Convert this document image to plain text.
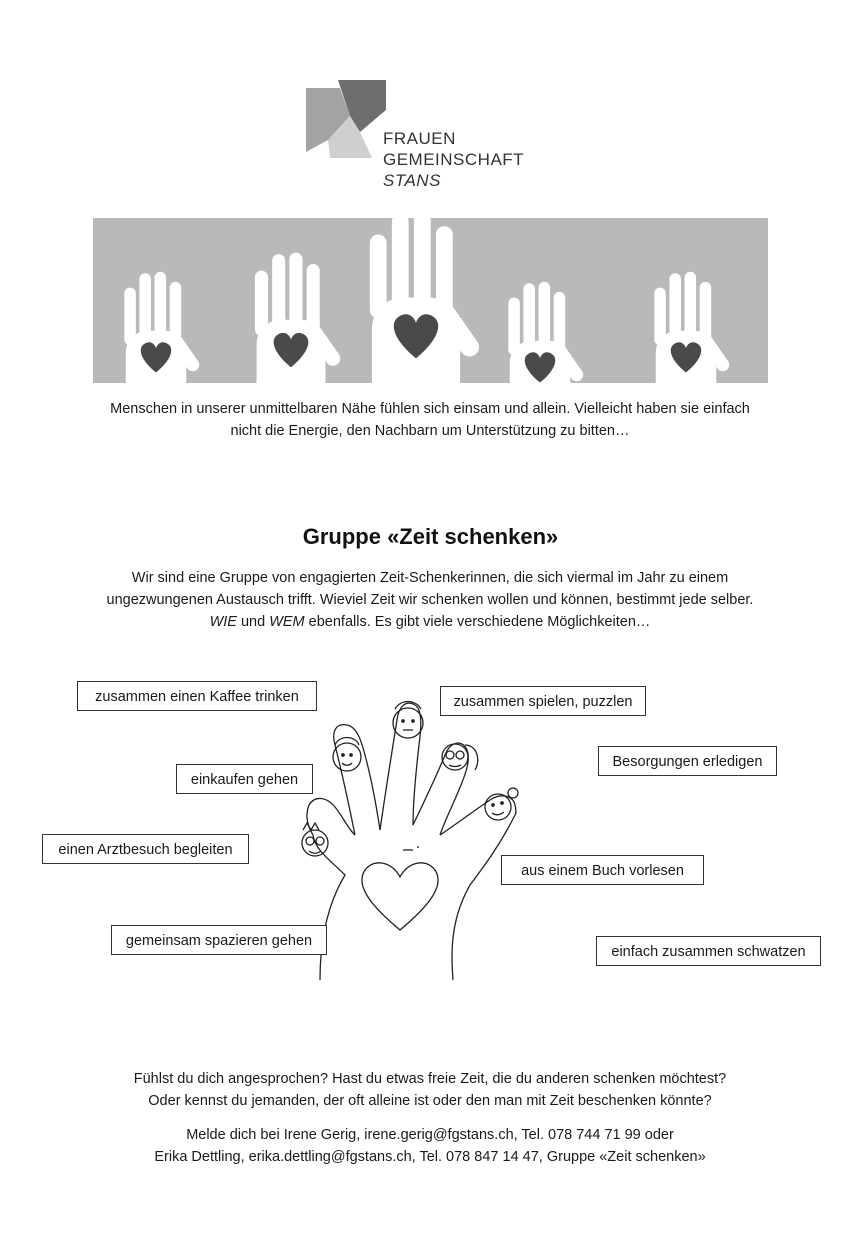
FRAUEN
GEMEINSCHAFT
STANS
Menschen in unserer unmittelbaren Nähe fühlen sich einsam und allein. Vielleicht haben sie einfach
nicht die Energie, den Nachbarn um Unterstützung zu bitten…
Gruppe «Zeit schenken»
Wir sind eine Gruppe von engagierten Zeit-Schenkerinnen, die sich viermal im Jahr zu einem
ungezwungenen Austausch trifft. Wieviel Zeit wir schenken wollen und können, bestimmt jede selber.
WIE und WEM ebenfalls. Es gibt viele verschiedene Möglichkeiten…
zusammen einen Kaffee trinken	zusammen spielen, puzzlen
Besorgungen erledigen
einkaufen gehen
einen Arztbesuch begleiten
aus einem Buch vorlesen
gemeinsam spazieren gehen
einfach zusammen schwatzen
Fühlst du dich angesprochen? Hast du etwas freie Zeit, die du anderen schenken möchtest?
Oder kennst du jemanden, der oft alleine ist oder den man mit Zeit beschenken könnte?
Melde dich bei Irene Gerig, irene.gerig@fgstans.ch, Tel. 078 744 71 99 oder
Erika Dettling, erika.dettling@fgstans.ch, Tel. 078 847 14 47, Gruppe «Zeit schenken»
